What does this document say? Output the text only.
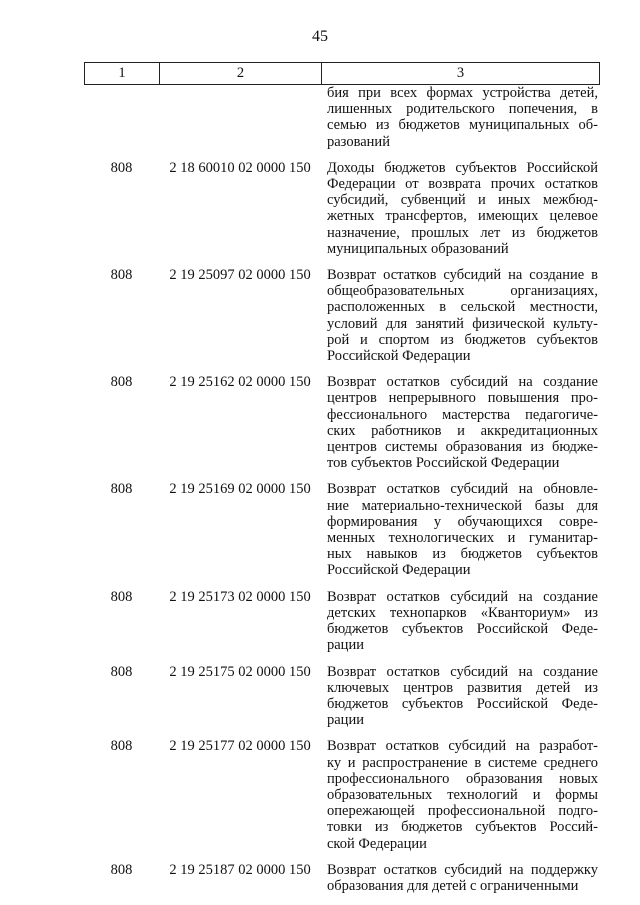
45
1	2	3
бия при всех формах устройства детей,
лишенных родительского попечения, в
семью из бюджетов муниципальных об-
разований
808	2 18 60010 02 0000 150	Доходы бюджетов субъектов Российской
Федерации от возврата прочих остатков
субсидий, субвенций и иных межбюд-
жетных трансфертов, имеющих целевое
назначение, прошлых лет из бюджетов
муниципальных образований
808	2 19 25097 02 0000 150	Возврат остатков субсидий на создание в
общеобразовательных организациях,
расположенных в сельской местности,
условий для занятий физической культу-
рой и спортом из бюджетов субъектов
Российской Федерации
808	2 19 25162 02 0000 150	Возврат остатков субсидий на создание
центров непрерывного повышения про-
фессионального мастерства педагогиче-
ских работников и аккредитационных
центров системы образования из бюдже-
тов субъектов Российской Федерации
808	2 19 25169 02 0000 150	Возврат остатков субсидий на обновле-
ние материально-технической базы для
формирования у обучающихся совре-
менных технологических и гуманитар-
ных навыков из бюджетов субъектов
Российской Федерации
808	2 19 25173 02 0000 150	Возврат остатков субсидий на создание
детских технопарков «Кванториум» из
бюджетов субъектов Российской Феде-
рации
808	2 19 25175 02 0000 150	Возврат остатков субсидий на создание
ключевых центров развития детей из
бюджетов субъектов Российской Феде-
рации
808	2 19 25177 02 0000 150	Возврат остатков субсидий на разработ-
ку и распространение в системе среднего
профессионального образования новых
образовательных технологий и формы
опережающей профессиональной подго-
товки из бюджетов субъектов Россий-
ской Федерации
808	2 19 25187 02 0000 150	Возврат остатков субсидий на поддержку
образования для детей с ограниченными
